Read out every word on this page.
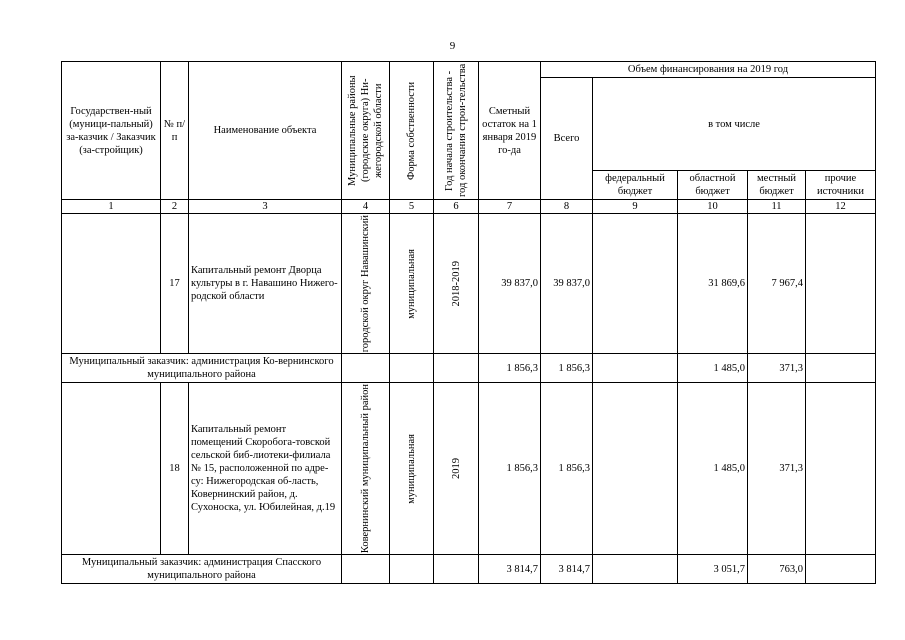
9
Государствен-ный (муници-пальный) за-казчик / Заказчик (за-стройщик)	№ п/п	Наименование объекта	Муниципальные районы (городские округа) Ни-жегородской области	Форма собственности	Год начала строительства - год окончания строи-тельства	Сметный остаток на 1 января 2019 го-да	Объем финансирования на 2019 год				
							Всего	в том числе			
								федеральный бюджет	областной бюджет	местный бюджет	прочие источники
1	2	3	4	5	6	7	8	9	10	11	12
	17	Капитальный ремонт Дворца культуры в г. Навашино Нижего-родской области	городской округ Навашинский	муниципальная	2018-2019	39 837,0	39 837,0		31 869,6	7 967,4	
Муниципальный заказчик: администрация Ко-вернинского муниципального района						1 856,3	1 856,3		1 485,0	371,3	
	18	Капитальный ремонт помещений Скоробога-товской сельской биб-лиотеки-филиала № 15, расположенной по адре-су: Нижегородская об-ласть, Ковернинский район, д. Сухоноска, ул. Юбилейная, д.19	Ковернинский муниципальный район	муниципальная	2019	1 856,3	1 856,3		1 485,0	371,3	
Муниципальный заказчик: администрация Спасского муниципального района						3 814,7	3 814,7		3 051,7	763,0	
